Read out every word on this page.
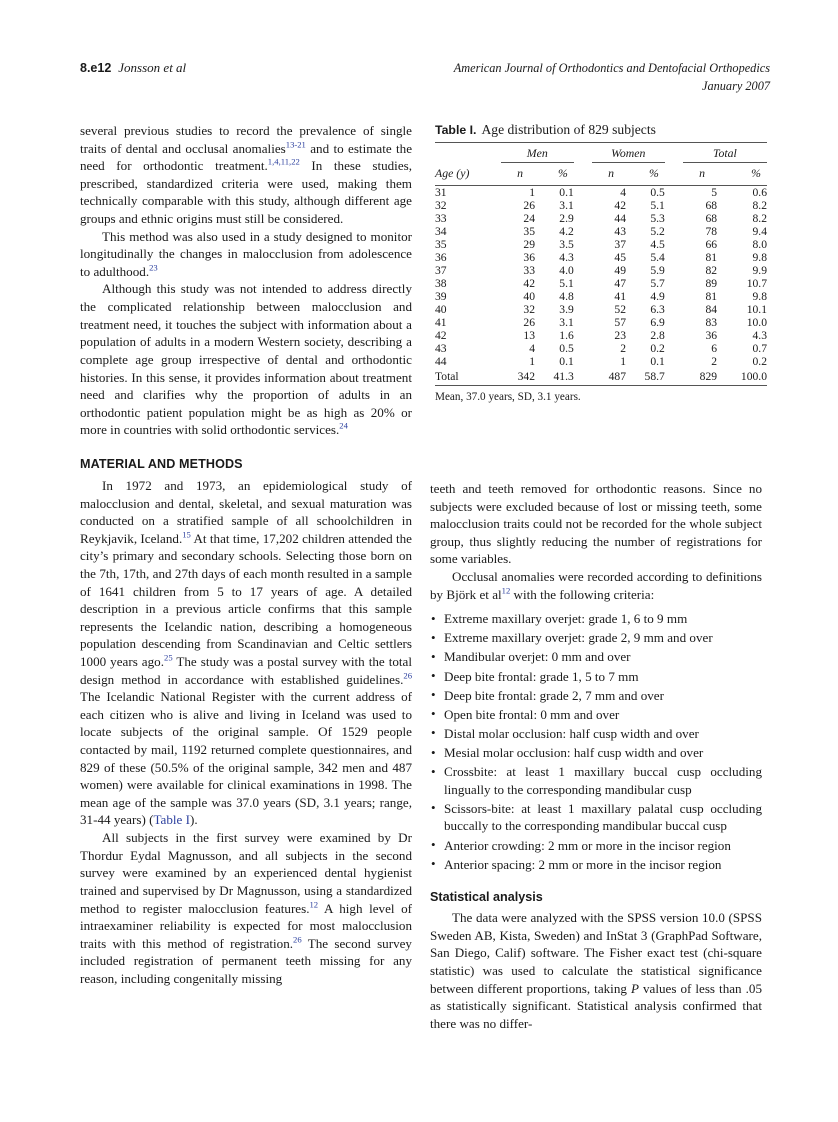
8.e12 Jonsson et al	American Journal of Orthodontics and Dentofacial Orthopedics
January 2007

several previous studies to record the prevalence of single traits of dental and occlusal anomalies$^{13-21}$ and to estimate the need for orthodontic treatment.$^{1,4,11,22}$ In these studies, prescribed, standardized criteria were used, making them technically comparable with this study, although different age groups and ethnic origins must still be considered.

This method was also used in a study designed to monitor longitudinally the changes in malocclusion from adolescence to adulthood.$^{23}$

Although this study was not intended to address directly the complicated relationship between malocclusion and treatment need, it touches the subject with information about a population of adults in a modern Western society, describing a complete age group irrespective of dental and orthodontic histories. In this sense, it provides information about treatment need and clarifies why the proportion of adults in an orthodontic patient population might be as high as 20% or more in countries with solid orthodontic services.$^{24}$

MATERIAL AND METHODS

In 1972 and 1973, an epidemiological study of malocclusion and dental, skeletal, and sexual maturation was conducted on a stratified sample of all schoolchildren in Reykjavik, Iceland.$^{15}$ At that time, 17,202 children attended the city’s primary and secondary schools. Selecting those born on the 7th, 17th, and 27th days of each month resulted in a sample of 1641 children from 5 to 17 years of age. A detailed description in a previous article confirms that this sample represents the Icelandic nation, describing a homogeneous population descending from Scandinavian and Celtic settlers 1000 years ago.$^{25}$ The study was a postal survey with the total design method in accordance with established guidelines.$^{26}$ The Icelandic National Register with the current address of each citizen who is alive and living in Iceland was used to locate subjects of the original sample. Of 1529 people contacted by mail, 1192 returned complete questionnaires, and 829 of these (50.5% of the original sample, 342 men and 487 women) were available for clinical examinations in 1998. The mean age of the sample was 37.0 years (SD, 3.1 years; range, 31-44 years) (Table I).

All subjects in the first survey were examined by Dr Thordur Eydal Magnusson, and all subjects in the second survey were examined by an experienced dental hygienist trained and supervised by Dr Magnusson, using a standardized method to register malocclusion features.$^{12}$ A high level of intraexaminer reliability is expected for most malocclusion traits with this method of registration.$^{26}$ The second survey included registration of permanent teeth missing for any reason, including congenitally missing

Table I. Age distribution of 829 subjects
	Men			Women			Total	
Age (y)	n	%		n	%		n	%
31	1	0.1		4	0.5		5	0.6
32	26	3.1		42	5.1		68	8.2
33	24	2.9		44	5.3		68	8.2
34	35	4.2		43	5.2		78	9.4
35	29	3.5		37	4.5		66	8.0
36	36	4.3		45	5.4		81	9.8
37	33	4.0		49	5.9		82	9.9
38	42	5.1		47	5.7		89	10.7
39	40	4.8		41	4.9		81	9.8
40	32	3.9		52	6.3		84	10.1
41	26	3.1		57	6.9		83	10.0
42	13	1.6		23	2.8		36	4.3
43	4	0.5		2	0.2		6	0.7
44	1	0.1		1	0.1		2	0.2
Total	342	41.3		487	58.7		829	100.0
Mean, 37.0 years, SD, 3.1 years.

teeth and teeth removed for orthodontic reasons. Since no subjects were excluded because of lost or missing teeth, some malocclusion traits could not be recorded for the whole subject group, thus slightly reducing the number of registrations for some variables.

Occlusal anomalies were recorded according to definitions by Björk et $al^{12}$ with the following criteria:

• Extreme maxillary overjet: grade 1, 6 to 9 mm
• Extreme maxillary overjet: grade 2, 9 mm and over
• Mandibular overjet: 0 mm and over
• Deep bite frontal: grade 1, 5 to 7 mm
• Deep bite frontal: grade 2, 7 mm and over
• Open bite frontal: 0 mm and over
• Distal molar occlusion: half cusp width and over
• Mesial molar occlusion: half cusp width and over
• Crossbite: at least 1 maxillary buccal cusp occluding lingually to the corresponding mandibular cusp
• Scissors-bite: at least 1 maxillary palatal cusp occluding buccally to the corresponding mandibular buccal cusp
• Anterior crowding: 2 mm or more in the incisor region
• Anterior spacing: 2 mm or more in the incisor region
Statistical analysis

The data were analyzed with the SPSS version 10.0 (SPSS Sweden AB, Kista, Sweden) and InStat 3 (GraphPad Software, San Diego, Calif) software. The Fisher exact test (chi-square statistic) was used to calculate the statistical significance between different proportions, taking P values of less than .05 as statistically significant. Statistical analysis confirmed that there was no differ-
